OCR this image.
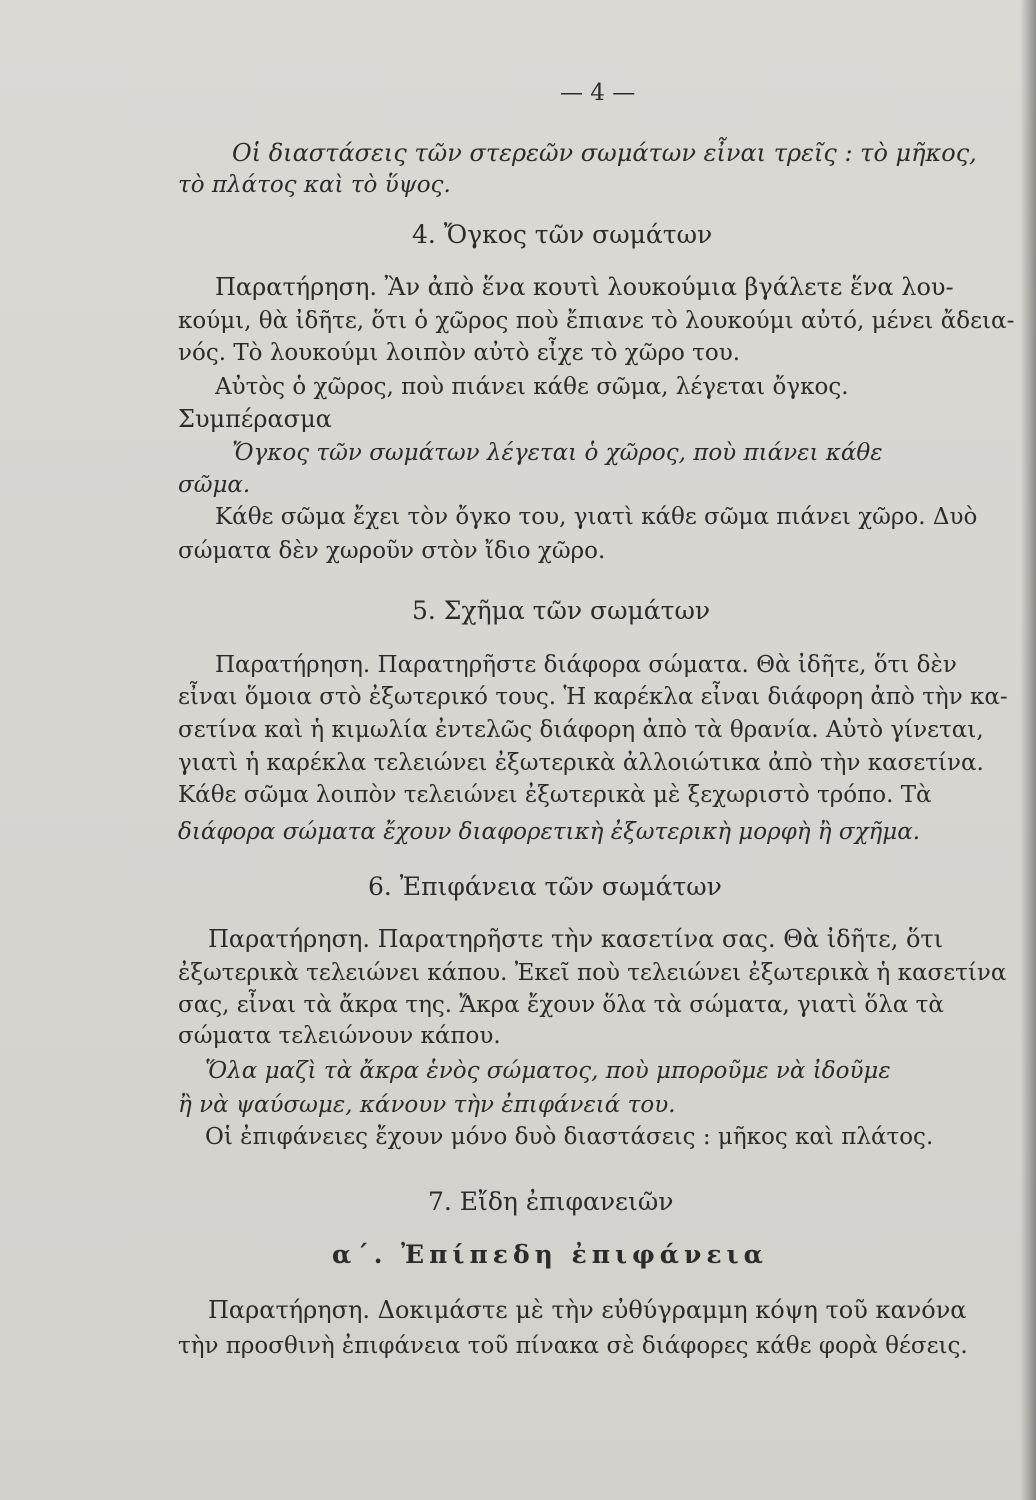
— 4 —
Οἱ διαστάσεις τῶν στερεῶν σωμάτων εἶναι τρεῖς : τὸ μῆκος,
τὸ πλάτος καὶ τὸ ὕψος.
4. Ὄγκος τῶν σωμάτων
Παρατήρηση. Ἂν ἀπὸ ἕνα κουτὶ λουκούμια βγάλετε ἕνα λου-
κούμι, θὰ ἰδῆτε, ὅτι ὁ χῶρος ποὺ ἔπιανε τὸ λουκούμι αὐτό, μένει ἄδεια-
νός. Τὸ λουκούμι λοιπὸν αὐτὸ εἶχε τὸ χῶρο του.
Αὐτὸς ὁ χῶρος, ποὺ πιάνει κάθε σῶμα, λέγεται ὄγκος.
Συμπέρασμα
Ὄγκος τῶν σωμάτων λέγεται ὁ χῶρος, ποὺ πιάνει κάθε
σῶμα.
Κάθε σῶμα ἔχει τὸν ὄγκο του, γιατὶ κάθε σῶμα πιάνει χῶρο. Δυὸ
σώματα δὲν χωροῦν στὸν ἴδιο χῶρο.
5. Σχῆμα τῶν σωμάτων
Παρατήρηση. Παρατηρῆστε διάφορα σώματα. Θὰ ἰδῆτε, ὅτι δὲν
εἶναι ὅμοια στὸ ἐξωτερικό τους. Ἡ καρέκλα εἶναι διάφορη ἀπὸ τὴν κα-
σετίνα καὶ ἡ κιμωλία ἐντελῶς διάφορη ἀπὸ τὰ θρανία. Αὐτὸ γίνεται,
γιατὶ ἡ καρέκλα τελειώνει ἐξωτερικὰ ἀλλοιώτικα ἀπὸ τὴν κασετίνα.
Κάθε σῶμα λοιπὸν τελειώνει ἐξωτερικὰ μὲ ξεχωριστὸ τρόπο. Τὰ
διάφορα σώματα ἔχουν διαφορετικὴ ἐξωτερικὴ μορφὴ ἢ σχῆμα.
6. Ἐπιφάνεια τῶν σωμάτων
Παρατήρηση. Παρατηρῆστε τὴν κασετίνα σας. Θὰ ἰδῆτε, ὅτι
ἐξωτερικὰ τελειώνει κάπου. Ἐκεῖ ποὺ τελειώνει ἐξωτερικὰ ἡ κασετίνα
σας, εἶναι τὰ ἄκρα της. Ἄκρα ἔχουν ὅλα τὰ σώματα, γιατὶ ὅλα τὰ
σώματα τελειώνουν κάπου.
Ὅλα μαζὶ τὰ ἄκρα ἑνὸς σώματος, ποὺ μποροῦμε νὰ ἰδοῦμε
ἢ νὰ ψαύσωμε, κάνουν τὴν ἐπιφάνειά του.
Οἱ ἐπιφάνειες ἔχουν μόνο δυὸ διαστάσεις : μῆκος καὶ πλάτος.
7. Εἴδη ἐπιφανειῶν
α΄. Ἐπίπεδη ἐπιφάνεια
Παρατήρηση. Δοκιμάστε μὲ τὴν εὐθύγραμμη κόψη τοῦ κανόνα
τὴν προσθινὴ ἐπιφάνεια τοῦ πίνακα σὲ διάφορες κάθε φορὰ θέσεις.
